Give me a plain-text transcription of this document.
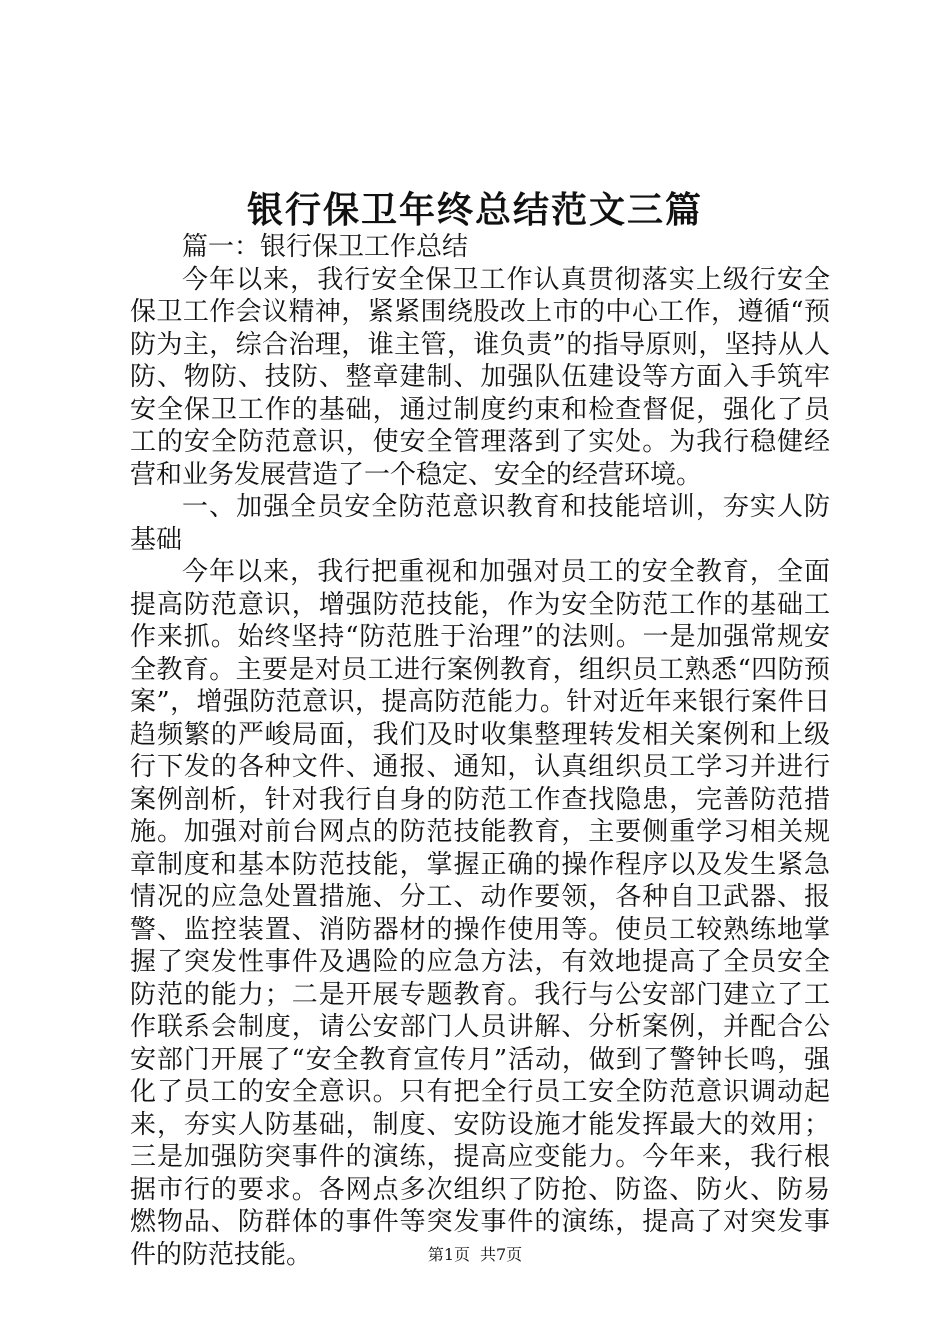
银行保卫年终总结范文三篇

篇一：银行保卫工作总结

今年以来，我行安全保卫工作认真贯彻落实上级行安全保卫工作会议精神，紧紧围绕股改上市的中心工作，遵循“预防为主，综合治理，谁主管，谁负责”的指导原则，坚持从人防、物防、技防、整章建制、加强队伍建设等方面入手筑牢安全保卫工作的基础，通过制度约束和检查督促，强化了员工的安全防范意识，使安全管理落到了实处。为我行稳健经营和业务发展营造了一个稳定、安全的经营环境。

一、加强全员安全防范意识教育和技能培训，夯实人防基础

今年以来，我行把重视和加强对员工的安全教育，全面提高防范意识，增强防范技能，作为安全防范工作的基础工作来抓。始终坚持“防范胜于治理”的法则。一是加强常规安全教育。主要是对员工进行案例教育，组织员工熟悉“四防预案”，增强防范意识，提高防范能力。针对近年来银行案件日趋频繁的严峻局面，我们及时收集整理转发相关案例和上级行下发的各种文件、通报、通知，认真组织员工学习并进行案例剖析，针对我行自身的防范工作查找隐患，完善防范措施。加强对前台网点的防范技能教育，主要侧重学习相关规章制度和基本防范技能，掌握正确的操作程序以及发生紧急情况的应急处置措施、分工、动作要领，各种自卫武器、报警、监控装置、消防器材的操作使用等。使员工较熟练地掌握了突发性事件及遇险的应急方法，有效地提高了全员安全防范的能力；二是开展专题教育。我行与公安部门建立了工作联系会制度，请公安部门人员讲解、分析案例，并配合公安部门开展了“安全教育宣传月”活动，做到了警钟长鸣，强化了员工的安全意识。只有把全行员工安全防范意识调动起来，夯实人防基础，制度、安防设施才能发挥最大的效用；三是加强防突事件的演练，提高应变能力。今年来，我行根据市行的要求。各网点多次组织了防抢、防盗、防火、防易燃物品、防群体的事件等突发事件的演练，提高了对突发事件的防范技能。	第1页 共7页
